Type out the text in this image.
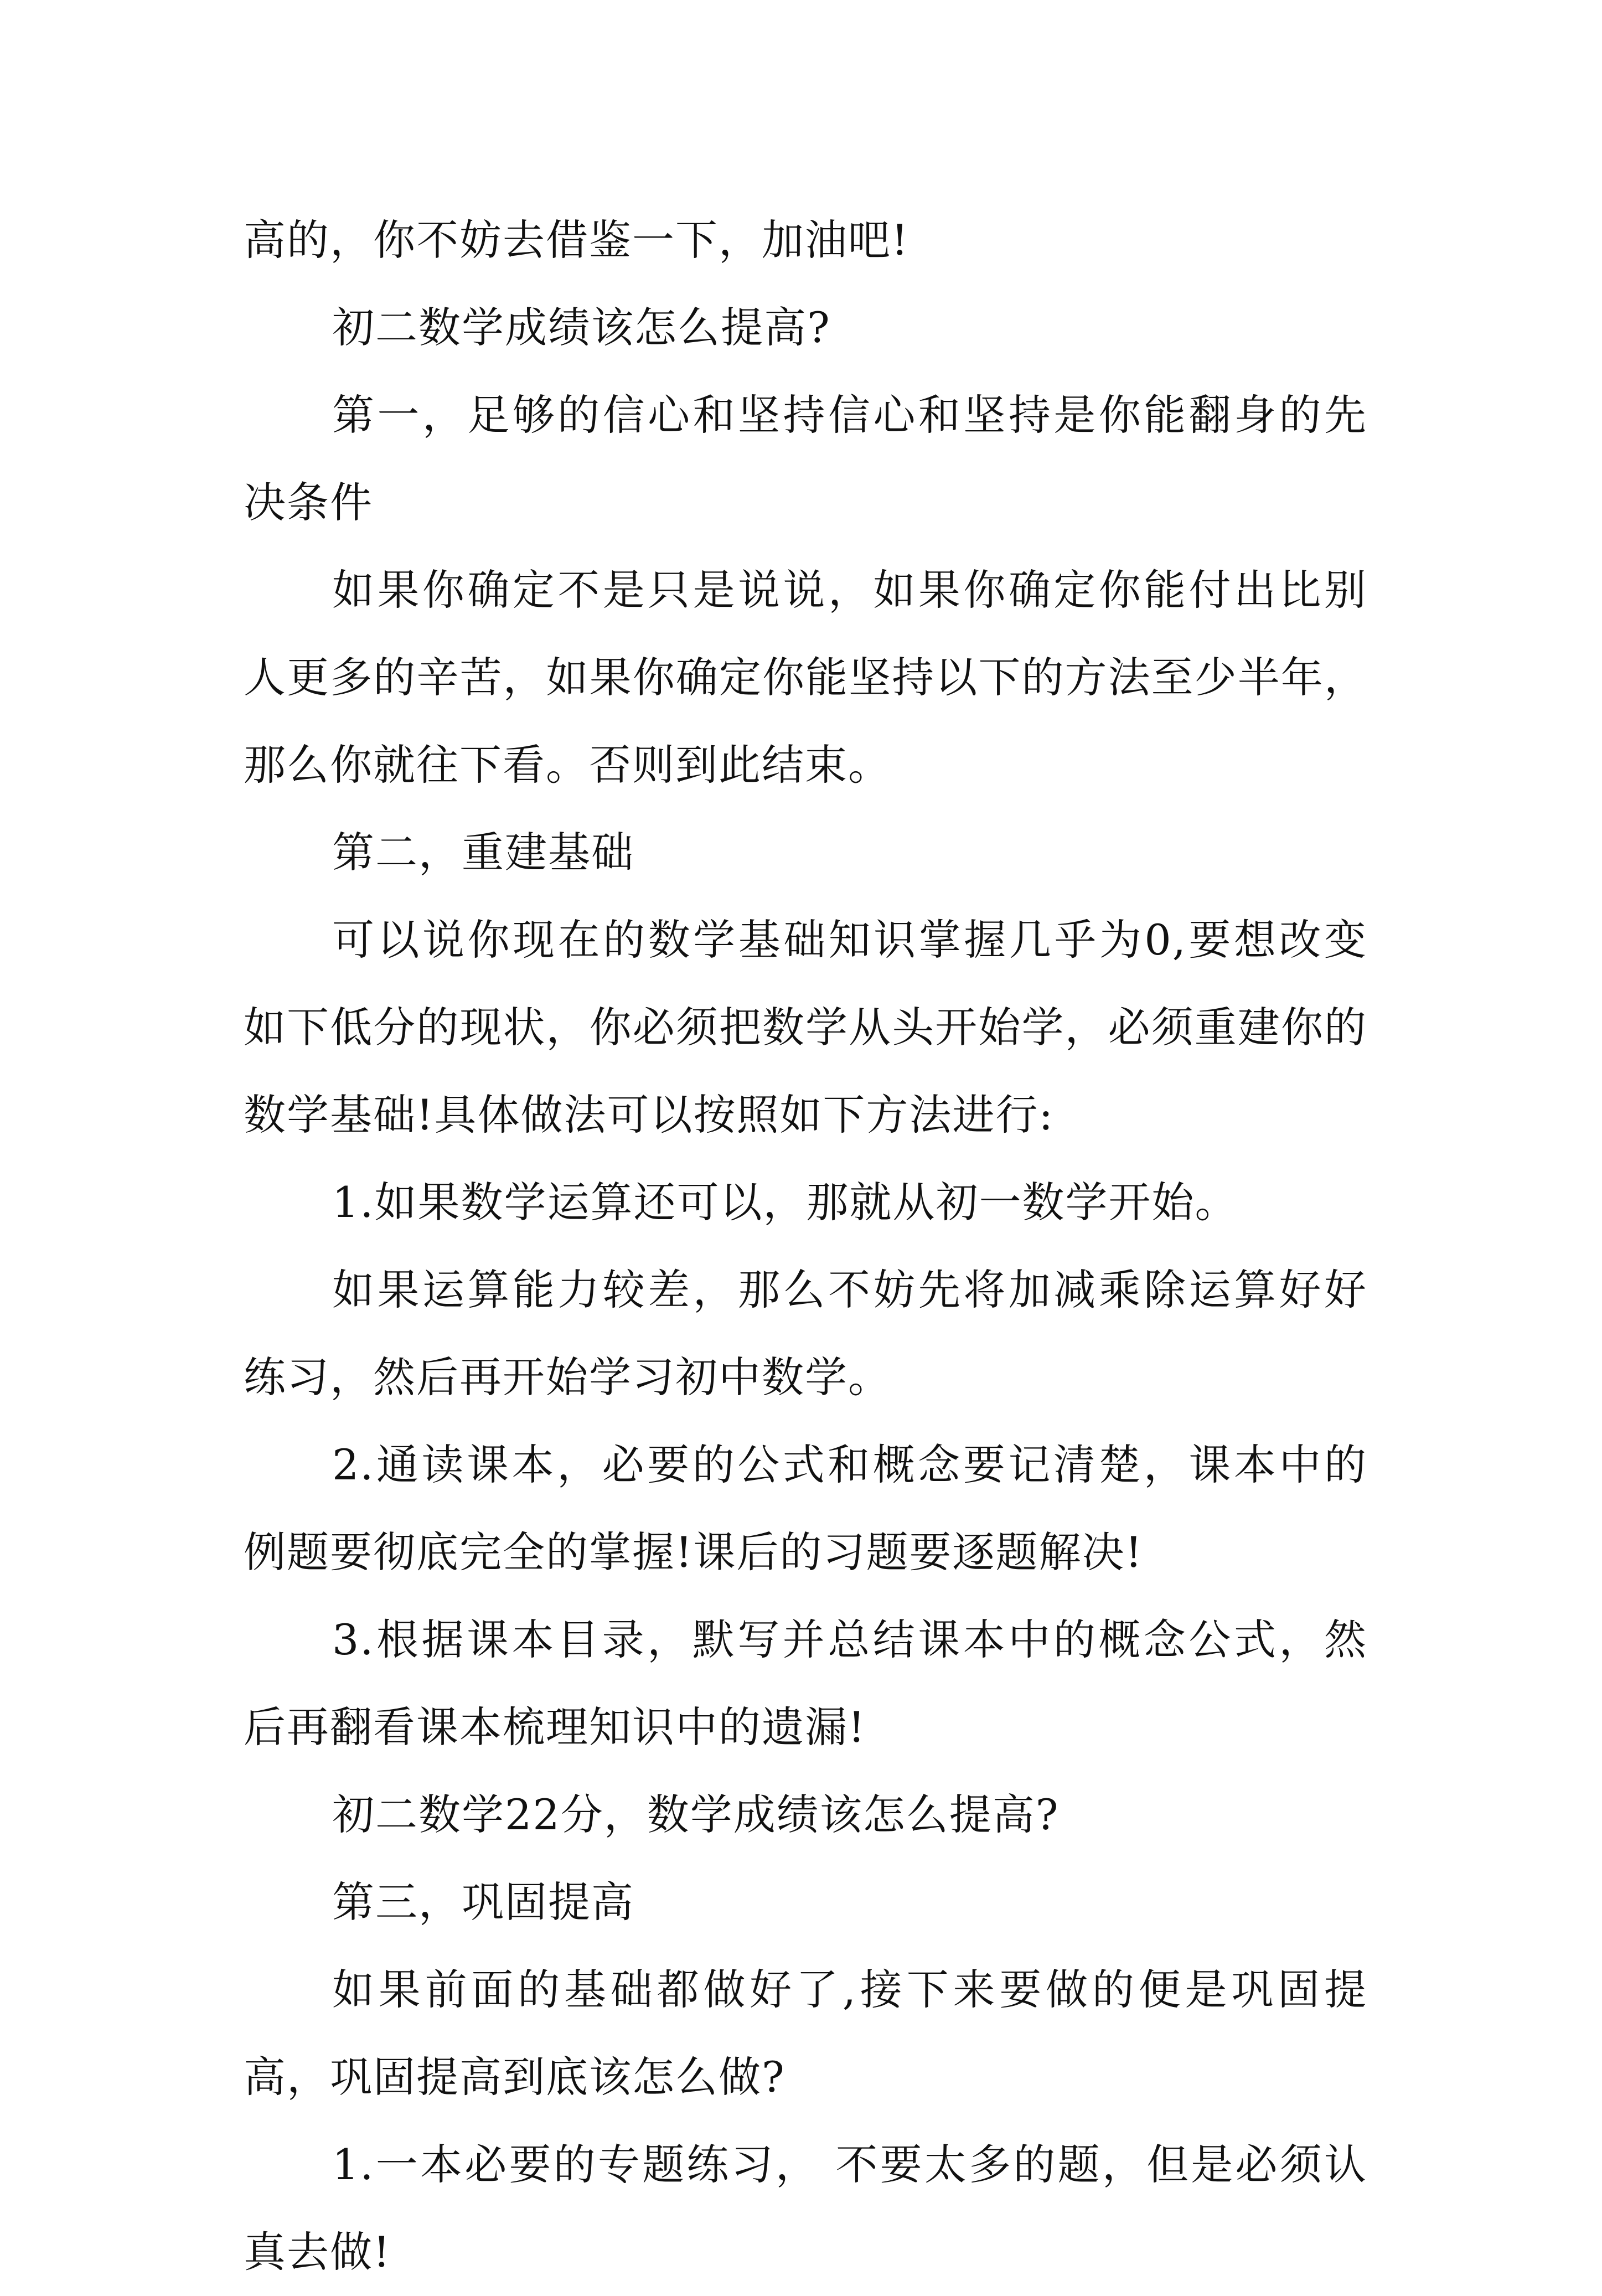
高的，你不妨去借鉴一下，加油吧!

初二数学成绩该怎么提高?

第一，足够的信心和坚持信心和坚持是你能翻身的先决条件

如果你确定不是只是说说，如果你确定你能付出比别人更多的辛苦，如果你确定你能坚持以下的方法至少半年，那么你就往下看。否则到此结束。

第二，重建基础

可以说你现在的数学基础知识掌握几乎为0,要想改变如下低分的现状，你必须把数学从头开始学，必须重建你的数学基础!具体做法可以按照如下方法进行:

1.如果数学运算还可以，那就从初一数学开始。

如果运算能力较差，那么不妨先将加减乘除运算好好练习，然后再开始学习初中数学。

2.通读课本，必要的公式和概念要记清楚，课本中的例题要彻底完全的掌握!课后的习题要逐题解决!

3.根据课本目录，默写并总结课本中的概念公式，然后再翻看课本梳理知识中的遗漏!

初二数学22分，数学成绩该怎么提高?

第三，巩固提高

如果前面的基础都做好了,接下来要做的便是巩固提高，巩固提高到底该怎么做?

1.一本必要的专题练习， 不要太多的题，但是必须认真去做!
